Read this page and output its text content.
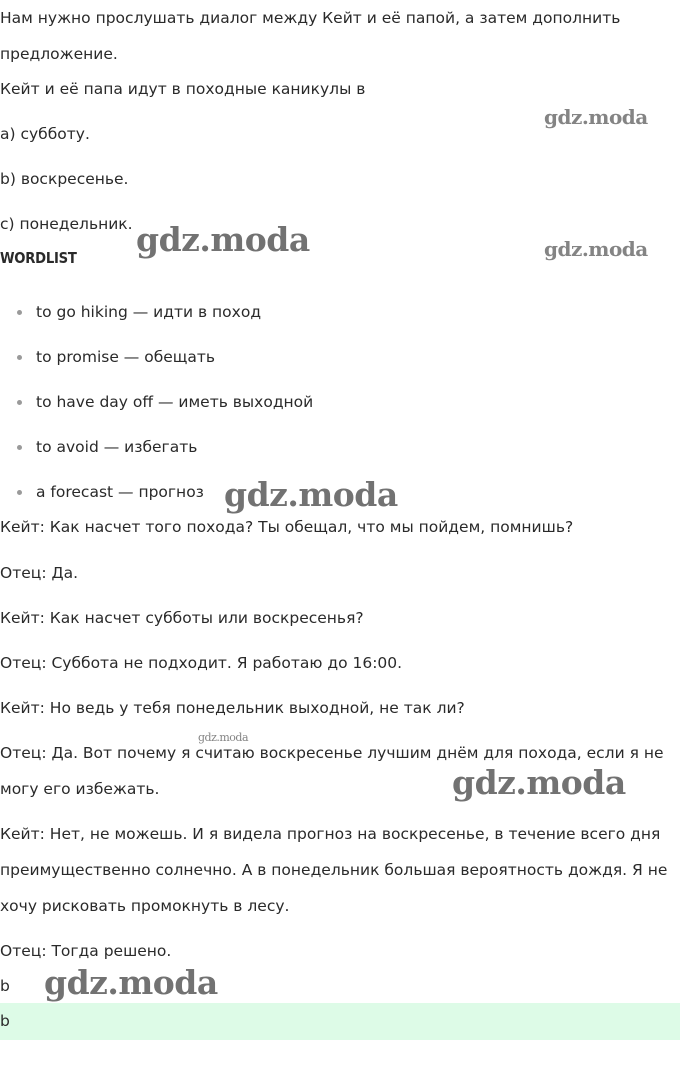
Нам нужно прослушать диалог между Кейт и её папой, а затем дополнить

предложение.

Кейт и её папа идут в походные каникулы в

а) субботу.

b) воскресенье.

с) понедельник.

WORDLIST
to go hiking — идти в поход
to promise — обещать
to have day off — иметь выходной
to avoid — избегать
a forecast — прогноз

Кейт: Как насчет того похода? Ты обещал, что мы пойдем, помнишь?

Отец: Да.

Кейт: Как насчет субботы или воскресенья?

Отец: Суббота не подходит. Я работаю до 16:00.

Кейт: Но ведь у тебя понедельник выходной, не так ли?

Отец: Да. Вот почему я считаю воскресенье лучшим днём для похода, если я не могу его избежать.

Кейт: Нет, не можешь. И я видела прогноз на воскресенье, в течение всего дня преимущественно солнечно. А в понедельник большая вероятность дождя. Я не хочу рисковать промокнуть в лесу.

Отец: Тогда решено.

b

b
gdz.moda
gdz.moda	gdz.moda
gdz.moda
gdz.moda
gdz.moda
gdz.moda
